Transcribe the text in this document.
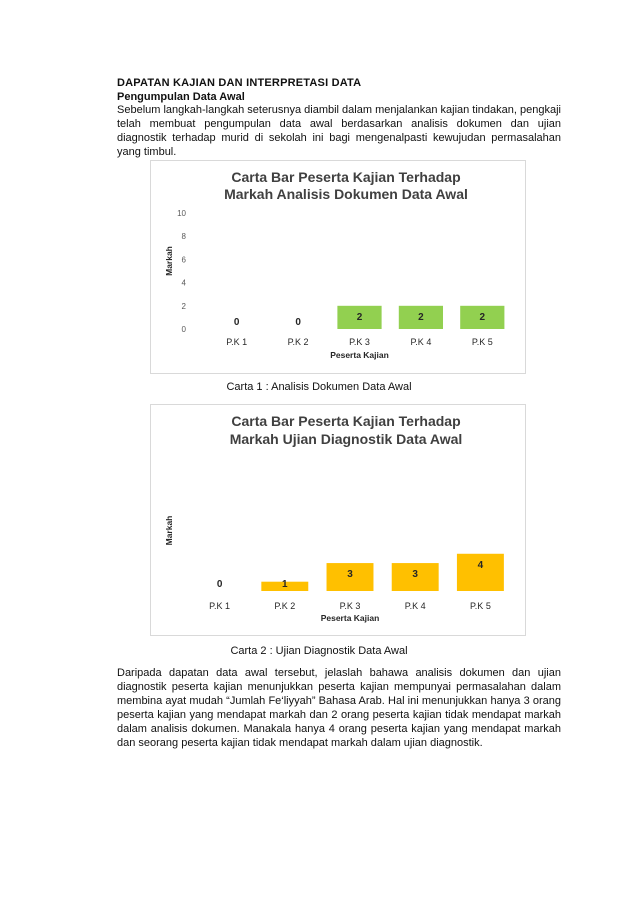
DAPATAN KAJIAN DAN INTERPRETASI DATA
Pengumpulan Data Awal
Sebelum langkah-langkah seterusnya diambil dalam menjalankan kajian tindakan, pengkaji telah membuat pengumpulan data awal berdasarkan analisis dokumen dan ujian diagnostik terhadap murid di sekolah ini bagi mengenalpasti kewujudan permasalahan yang timbul.
Carta Bar Peserta Kajian Terhadap
Markah Analisis Dokumen Data Awal
0
2
4
6
8
10
Markah
0
P.K 1
0
P.K 2
2
P.K 3
2
P.K 4
2
P.K 5
Peserta Kajian
Carta 1 : Analisis Dokumen Data Awal
Carta Bar Peserta Kajian Terhadap
Markah Ujian Diagnostik Data Awal
Markah
0
P.K 1
1
P.K 2
3
P.K 3
3
P.K 4
4
P.K 5
Peserta Kajian
Carta 2 : Ujian Diagnostik Data Awal
Daripada dapatan data awal tersebut, jelaslah bahawa analisis dokumen dan ujian diagnostik peserta kajian menunjukkan peserta kajian mempunyai permasalahan dalam membina ayat mudah “Jumlah Fe‘liyyah” Bahasa Arab. Hal ini menunjukkan hanya 3 orang peserta kajian yang mendapat markah dan 2 orang peserta kajian tidak mendapat markah dalam analisis dokumen. Manakala hanya 4 orang peserta kajian yang mendapat markah dan seorang peserta kajian tidak mendapat markah dalam ujian diagnostik.
